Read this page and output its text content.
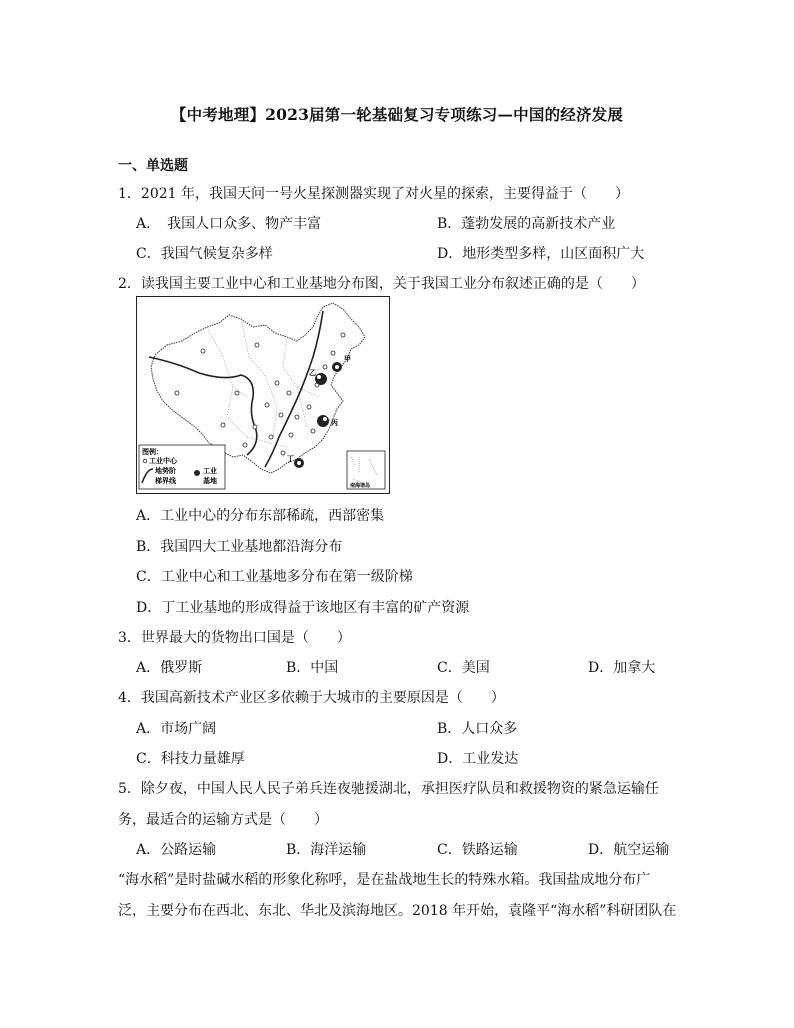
【中考地理】2023届第一轮基础复习专项练习—中国的经济发展
一、单选题
1．2021 年，我国天问一号火星探测器实现了对火星的探索，主要得益于（　　）
A．　我国人口众多、物产丰富	B．蓬勃发展的高新技术产业
C．我国气候复杂多样	D．地形类型多样，山区面积广大
2．读我国主要工业中心和工业基地分布图，关于我国工业分布叙述正确的是（　　）
甲
乙
丙
丁
图例：
工业中心
地势阶
梯界线
工业
基地
南海诸岛
A．工业中心的分布东部稀疏，西部密集
B．我国四大工业基地都沿海分布
C．工业中心和工业基地多分布在第一级阶梯
D．丁工业基地的形成得益于该地区有丰富的矿产资源
3．世界最大的货物出口国是（　　）
A．俄罗斯	B．中国	C．美国	D．加拿大
4．我国高新技术产业区多依赖于大城市的主要原因是（　　）
A．市场广阔	B．人口众多
C．科技力量雄厚	D．工业发达
5．除夕夜，中国人民人民子弟兵连夜驰援湖北，承担医疗队员和救援物资的紧急运输任
务，最适合的运输方式是（　　）
A．公路运输	B．海洋运输	C．铁路运输	D．航空运输
“海水稻”是时盐碱水稻的形象化称呼，是在盐战地生长的特殊水箱。我国盐成地分布广
泛，主要分布在西北、东北、华北及滨海地区。2018 年开始，袁隆平“海水稻”科研团队在
